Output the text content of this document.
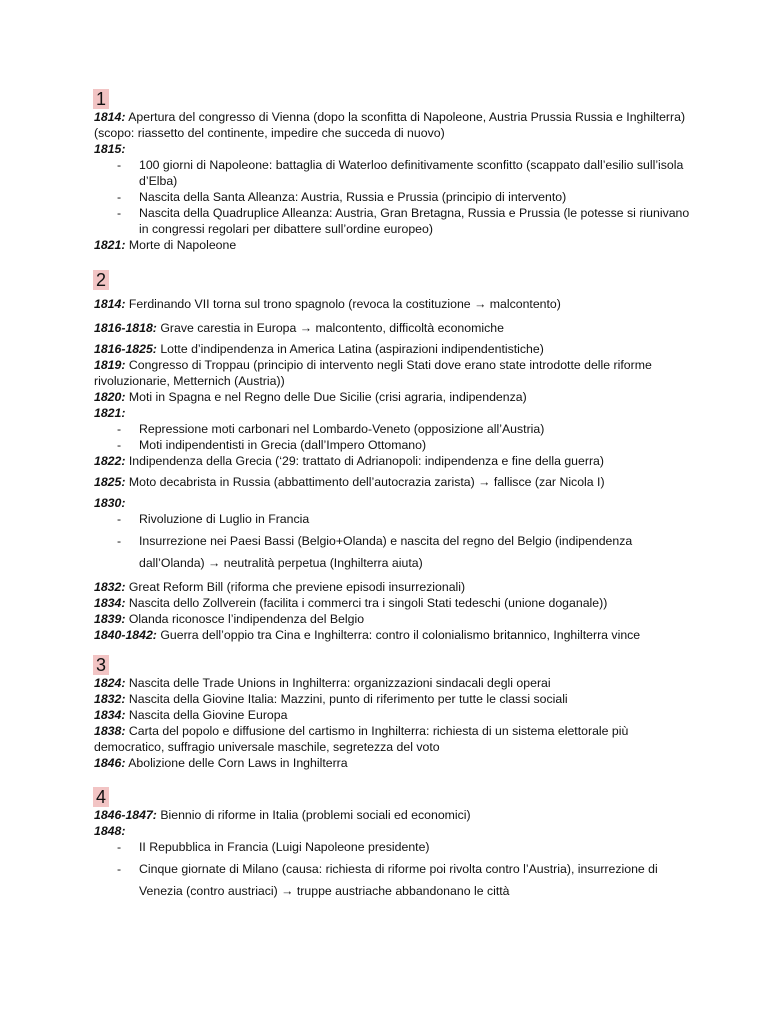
1

1814: Apertura del congresso di Vienna (dopo la sconfitta di Napoleone, Austria Prussia Russia e Inghilterra) (scopo: riassetto del continente, impedire che succeda di nuovo)

1815:

- 100 giorni di Napoleone: battaglia di Waterloo definitivamente sconfitto (scappato dall’esilio sull’isola d’Elba)
- Nascita della Santa Alleanza: Austria, Russia e Prussia (principio di intervento)
- Nascita della Quadruplice Alleanza: Austria, Gran Bretagna, Russia e Prussia (le potesse si riunivano in congressi regolari per dibattere sull’ordine europeo)

1821: Morte di Napoleone

2

1814: Ferdinando VII torna sul trono spagnolo (revoca la costituzione → malcontento)

1816-1818: Grave carestia in Europa → malcontento, difficoltà economiche

1816-1825: Lotte d’indipendenza in America Latina (aspirazioni indipendentistiche)

1819: Congresso di Troppau (principio di intervento negli Stati dove erano state introdotte delle riforme rivoluzionarie, Metternich (Austria))

1820: Moti in Spagna e nel Regno delle Due Sicilie (crisi agraria, indipendenza)

1821:

- Repressione moti carbonari nel Lombardo-Veneto (opposizione all’Austria)
- Moti indipendentisti in Grecia (dall’Impero Ottomano)

1822: Indipendenza della Grecia (‘29: trattato di Adrianopoli: indipendenza e fine della guerra)

1825: Moto decabrista in Russia (abbattimento dell’autocrazia zarista) → fallisce (zar Nicola I)

1830:

- Rivoluzione di Luglio in Francia
- Insurrezione nei Paesi Bassi (Belgio+Olanda) e nascita del regno del Belgio (indipendenza dall’Olanda) → neutralità perpetua (Inghilterra aiuta)

1832: Great Reform Bill (riforma che previene episodi insurrezionali)

1834: Nascita dello Zollverein (facilita i commerci tra i singoli Stati tedeschi (unione doganale))

1839: Olanda riconosce l’indipendenza del Belgio

1840-1842: Guerra dell’oppio tra Cina e Inghilterra: contro il colonialismo britannico, Inghilterra vince

3

1824: Nascita delle Trade Unions in Inghilterra: organizzazioni sindacali degli operai

1832: Nascita della Giovine Italia: Mazzini, punto di riferimento per tutte le classi sociali

1834: Nascita della Giovine Europa

1838: Carta del popolo e diffusione del cartismo in Inghilterra: richiesta di un sistema elettorale più democratico, suffragio universale maschile, segretezza del voto

1846: Abolizione delle Corn Laws in Inghilterra

4

1846-1847: Biennio di riforme in Italia (problemi sociali ed economici)

1848:

- II Repubblica in Francia (Luigi Napoleone presidente)
- Cinque giornate di Milano (causa: richiesta di riforme poi rivolta contro l’Austria), insurrezione di Venezia (contro austriaci) → truppe austriache abbandonano le città
